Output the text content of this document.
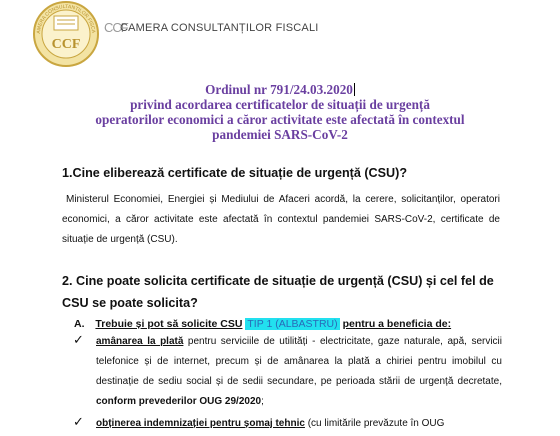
CCF
AMERA CONSULTANȚILOR FISCA CCF
CAMERA CONSULTANȚILOR FISCALI
Ordinul nr 791/24.03.2020
privind acordarea certificatelor de situații de urgență
operatorilor economici a căror activitate este afectată în contextul
pandemiei SARS-CoV-2
1.Cine eliberează certificate de situație de urgență (CSU)?
Ministerul Economiei, Energiei și Mediului de Afaceri acordă, la cerere, solicitanților, operatori economici, a căror activitate este afectată în contextul pandemiei SARS-CoV-2, certificate de situație de urgență (CSU).
2. Cine poate solicita certificate de situație de urgență (CSU) și cel fel de CSU se poate solicita?
A. Trebuie și pot să solicite CSU TIP 1 (ALBASTRU) pentru a beneficia de:
✓ amânarea la plată pentru serviciile de utilități - electricitate, gaze naturale, apă, servicii telefonice și de internet, precum și de amânarea la plată a chiriei pentru imobilul cu destinație de sediu social și de sedii secundare, pe perioada stării de urgență decretate, conform prevederilor OUG 29/2020;
✓ obținerea indemnizației pentru șomaj tehnic (cu limitările prevăzute în OUG
